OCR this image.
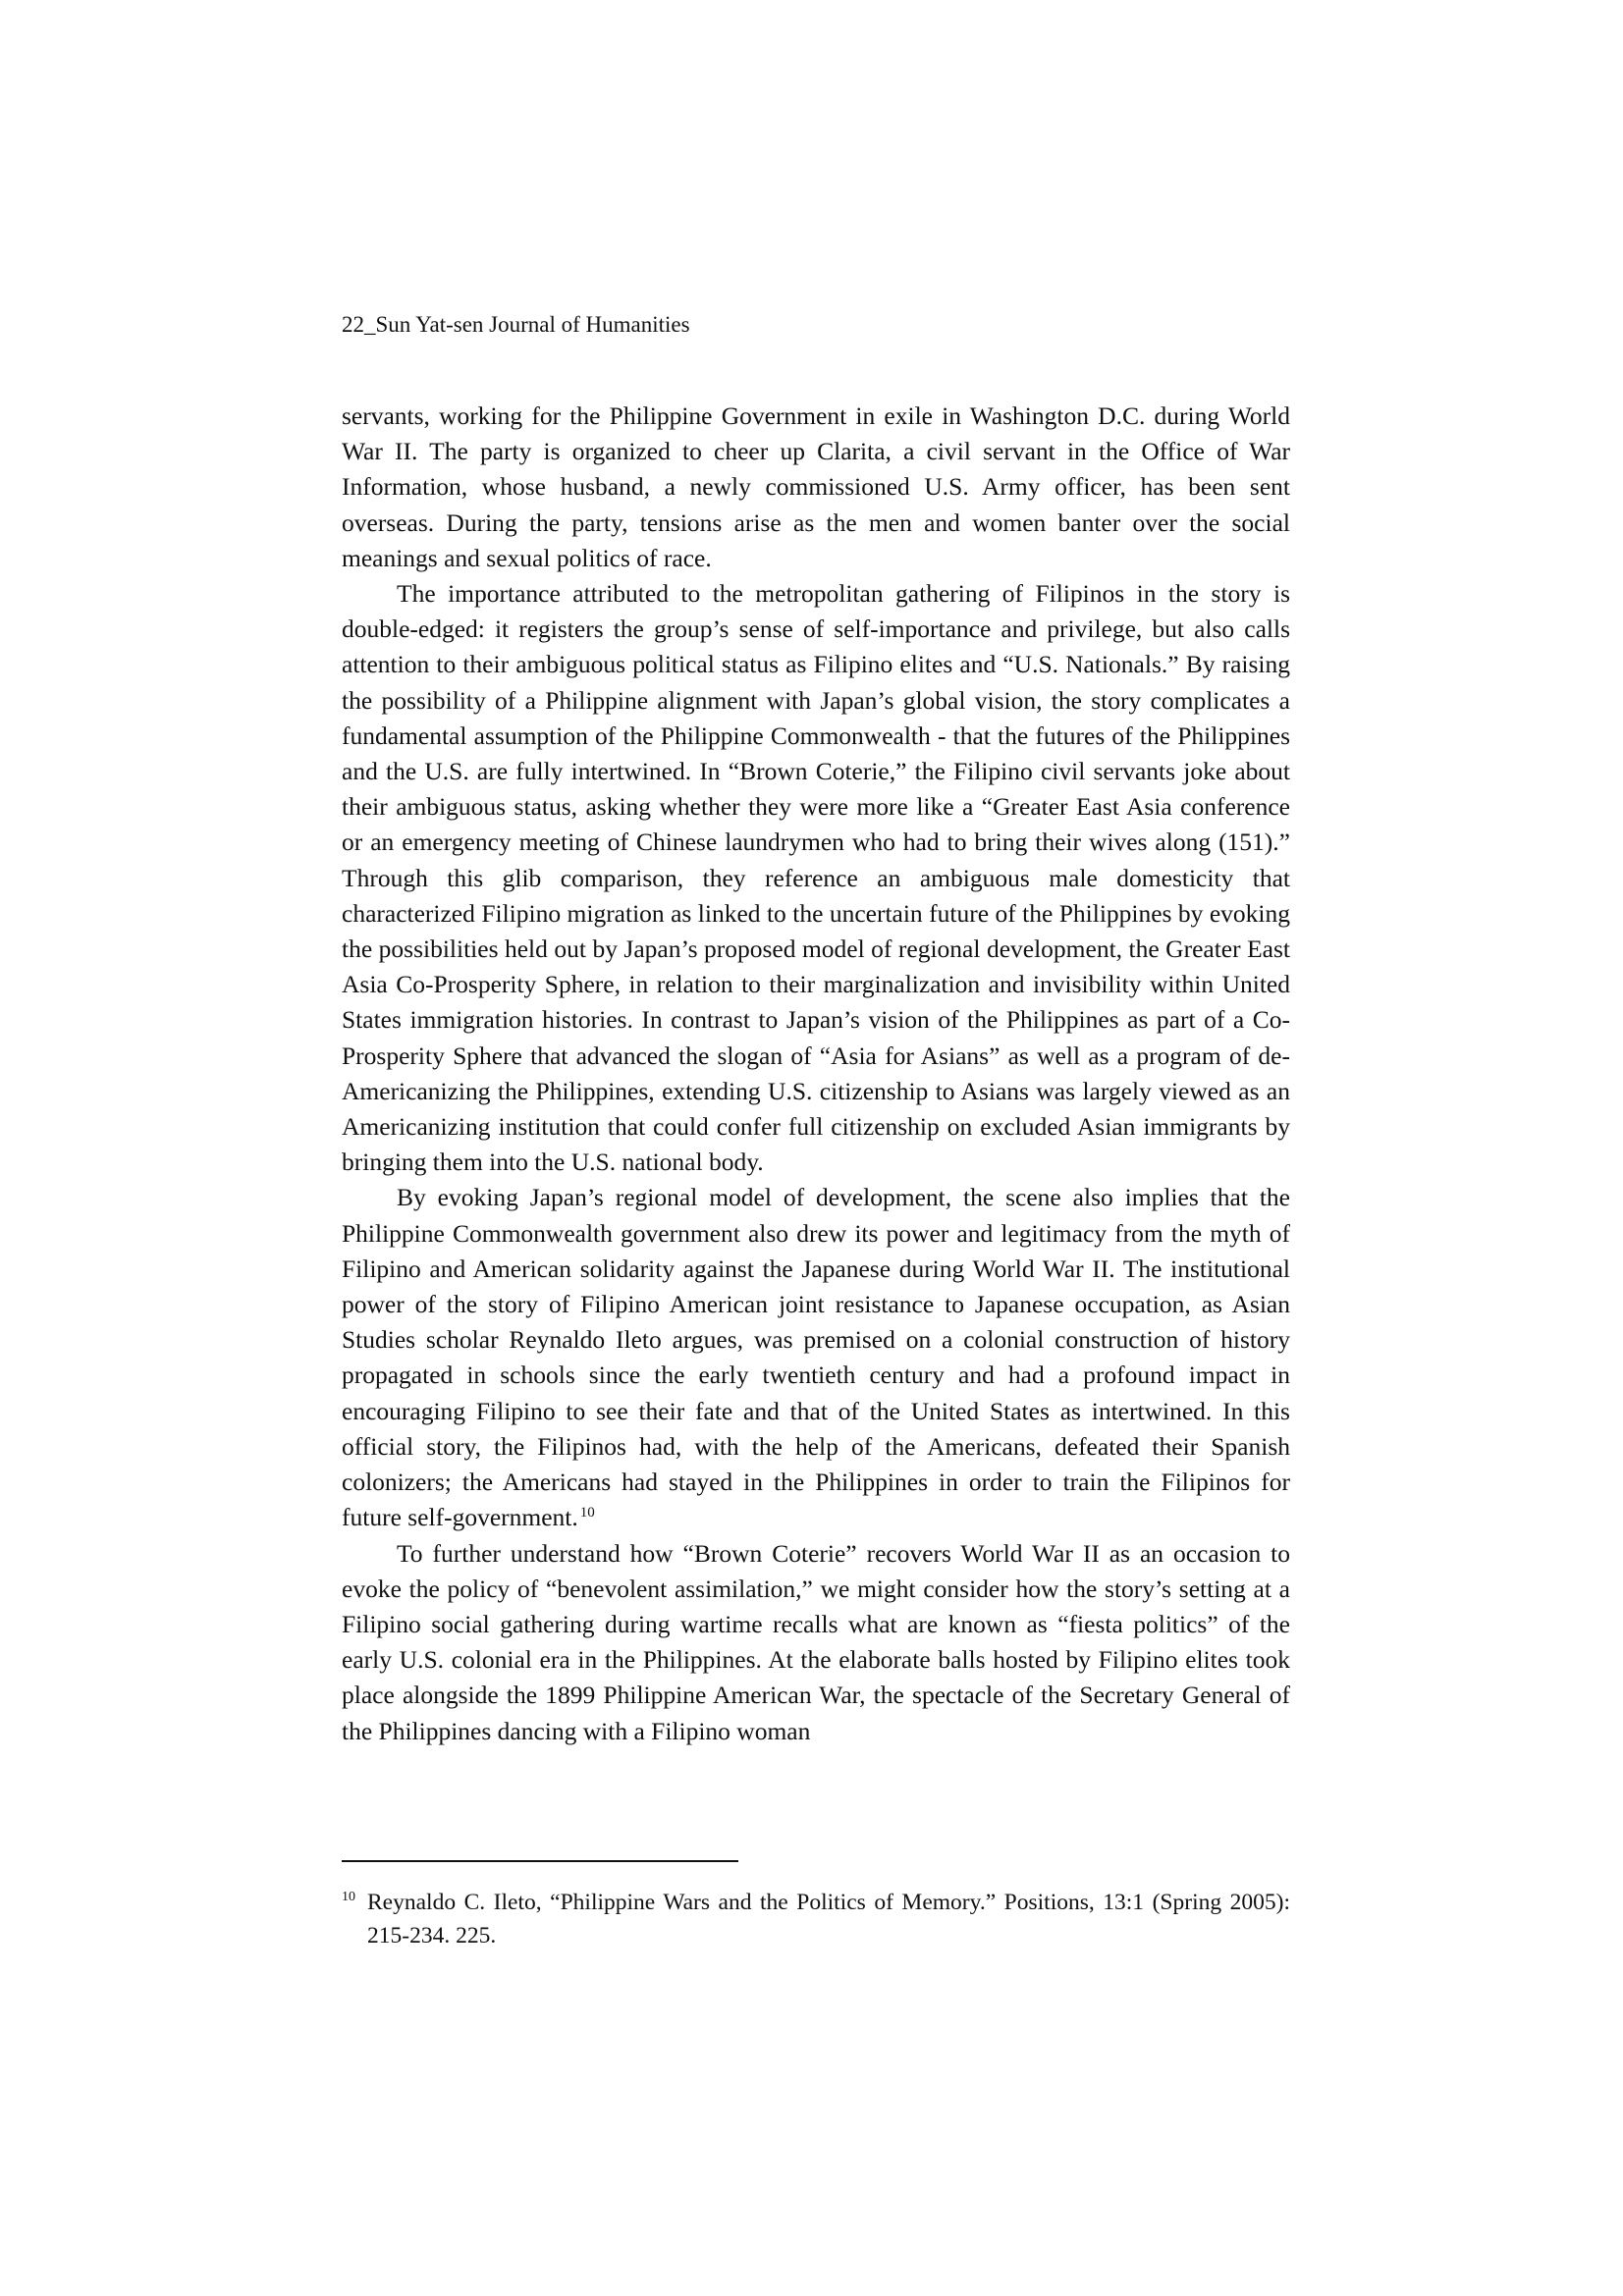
22_Sun Yat-sen Journal of Humanities

servants, working for the Philippine Government in exile in Washington D.C. during World War II. The party is organized to cheer up Clarita, a civil servant in the Office of War Information, whose husband, a newly commissioned U.S. Army officer, has been sent overseas. During the party, tensions arise as the men and women banter over the social meanings and sexual politics of race.

The importance attributed to the metropolitan gathering of Filipinos in the story is double-edged: it registers the group’s sense of self-importance and privilege, but also calls attention to their ambiguous political status as Filipino elites and “U.S. Nationals.” By raising the possibility of a Philippine alignment with Japan’s global vision, the story complicates a fundamental assumption of the Philippine Commonwealth - that the futures of the Philippines and the U.S. are fully intertwined. In “Brown Coterie,” the Filipino civil servants joke about their ambiguous status, asking whether they were more like a “Greater East Asia conference or an emergency meeting of Chinese laundrymen who had to bring their wives along (151).” Through this glib comparison, they reference an ambiguous male domesticity that characterized Filipino migration as linked to the uncertain future of the Philippines by evoking the possibilities held out by Japan’s proposed model of regional development, the Greater East Asia Co-Prosperity Sphere, in relation to their marginalization and invisibility within United States immigration histories. In contrast to Japan’s vision of the Philippines as part of a Co-Prosperity Sphere that advanced the slogan of “Asia for Asians” as well as a program of de-Americanizing the Philippines, extending U.S. citizenship to Asians was largely viewed as an Americanizing institution that could confer full citizenship on excluded Asian immigrants by bringing them into the U.S. national body.

By evoking Japan’s regional model of development, the scene also implies that the Philippine Commonwealth government also drew its power and legitimacy from the myth of Filipino and American solidarity against the Japanese during World War II. The institutional power of the story of Filipino American joint resistance to Japanese occupation, as Asian Studies scholar Reynaldo Ileto argues, was premised on a colonial construction of history propagated in schools since the early twentieth century and had a profound impact in encouraging Filipino to see their fate and that of the United States as intertwined. In this official story, the Filipinos had, with the help of the Americans, defeated their Spanish colonizers; the Americans had stayed in the Philippines in order to train the Filipinos for future self-government. $^{10}$

To further understand how “Brown Coterie” recovers World War II as an occasion to evoke the policy of “benevolent assimilation,” we might consider how the story’s setting at a Filipino social gathering during wartime recalls what are known as “fiesta politics” of the early U.S. colonial era in the Philippines. At the elaborate balls hosted by Filipino elites took place alongside the 1899 Philippine American War, the spectacle of the Secretary General of the Philippines dancing with a Filipino woman

10 Reynaldo C. Ileto, “Philippine Wars and the Politics of Memory.” Positions, 13:1 (Spring 2005): 215-234. 225.
